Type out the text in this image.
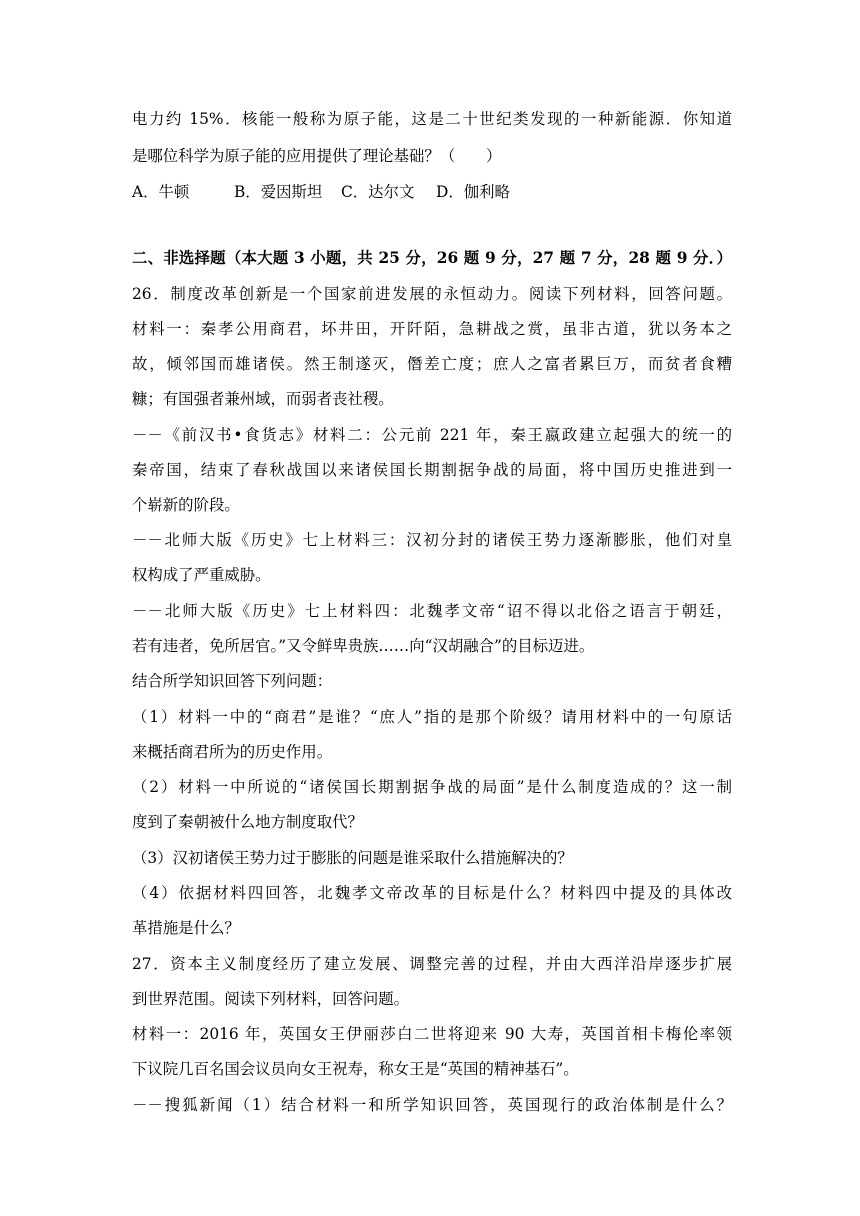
电力约 15%．核能一般称为原子能，这是二十世纪类发现的一种新能源．你知道
是哪位科学为原子能的应用提供了理论基础？（　　）
A．牛顿	B．爱因斯坦 C．达尔文 D．伽利略
二、非选择题（本大题 3 小题，共 25 分，26 题 9 分，27 题 7 分，28 题 9 分．）
26．制度改革创新是一个国家前进发展的永恒动力。阅读下列材料，回答问题。
材料一：秦孝公用商君，坏井田，开阡陌，急耕战之赏，虽非古道，犹以务本之
故，倾邻国而雄诸侯。然王制遂灭，僭差亡度；庶人之富者累巨万，而贫者食糟
糠；有国强者兼州域，而弱者丧社稷。
－－《前汉书•食货志》材料二：公元前 221 年，秦王嬴政建立起强大的统一的
秦帝国，结束了春秋战国以来诸侯国长期割据争战的局面，将中国历史推进到一
个崭新的阶段。
－－北师大版《历史》七上材料三：汉初分封的诸侯王势力逐渐膨胀，他们对皇
权构成了严重威胁。
－－北师大版《历史》七上材料四：北魏孝文帝“诏不得以北俗之语言于朝廷，
若有违者，免所居官。”又令鲜卑贵族……向“汉胡融合”的目标迈进。
结合所学知识回答下列问题：
（1）材料一中的“商君”是谁？“庶人”指的是那个阶级？请用材料中的一句原话
来概括商君所为的历史作用。
（2）材料一中所说的“诸侯国长期割据争战的局面”是什么制度造成的？这一制
度到了秦朝被什么地方制度取代？
（3）汉初诸侯王势力过于膨胀的问题是谁采取什么措施解决的？
（4）依据材料四回答，北魏孝文帝改革的目标是什么？材料四中提及的具体改
革措施是什么？
27．资本主义制度经历了建立发展、调整完善的过程，并由大西洋沿岸逐步扩展
到世界范围。阅读下列材料，回答问题。
材料一：2016 年，英国女王伊丽莎白二世将迎来 90 大寿，英国首相卡梅伦率领
下议院几百名国会议员向女王祝寿，称女王是“英国的精神基石”。
－－搜狐新闻（1）结合材料一和所学知识回答，英国现行的政治体制是什么？
